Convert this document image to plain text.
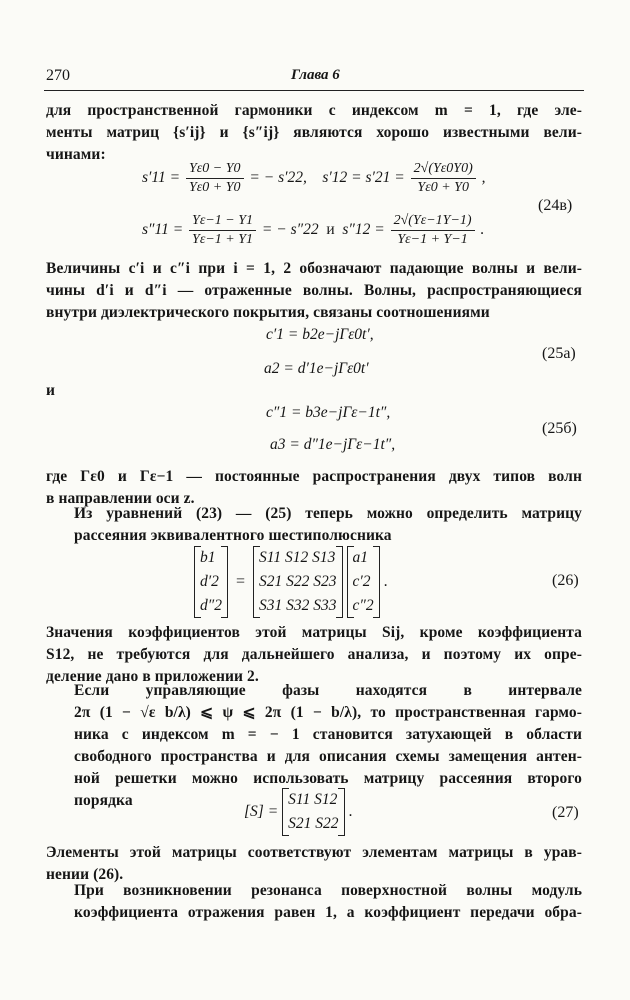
270	Глава 6
для пространственной гармоники с индексом m = 1, где эле-
менты матриц {s′ij} и {s″ij} являются хорошо известными вели-
чинами:
$s'11 = \frac{Y\varepsilon 0 - Y0}{Y\varepsilon 0 + Y0}$ = − s′22, $s'12 = s'21 = \frac{2√(Y\varepsilon 0Y0)}{Y\varepsilon 0 + Y0}$ ,
$s''11 = \frac{Y\varepsilon-1 - Y1}{Y\varepsilon-1 + Y1}$ = − s″22 и $s''12 = \frac{2√(Y\varepsilon-1Y-1)}{Y\varepsilon-1 + Y-1}$ .
(24в)
Величины c′i и c″i при i = 1, 2 обозначают падающие волны и вели-
чины d′i и d″i — отраженные волны. Волны, распространяющиеся
внутри диэлектрического покрытия, связаны соотношениями
c′1 = b2e−jΓε0t′,
a2 = d′1e−jΓε0t′
(25a)
и
c″1 = b3e−jΓε−1t″,
a3 = d″1e−jΓε−1t″,
(25б)
где Γε0 и Γε−1 — постоянные распространения двух типов волн
в направлении оси z.
Из уравнений (23) — (25) теперь можно определить матрицу
рассеяния эквивалентного шестиполюсника
b1
d′2
d″2
=
S11 S12 S13
S21 S22 S23
S31 S32 S33

a1
c′2
c″2
.	(26)
Значения коэффициентов этой матрицы Sij, кроме коэффициента
S12, не требуются для дальнейшего анализа, и поэтому их опре-
деление дано в приложении 2.
Если управляющие фазы находятся в интервале
2π (1 − √ε b/λ) ⩽ ψ ⩽ 2π (1 − b/λ), то пространственная гармо-
ника с индексом m = − 1 становится затухающей в области
свободного пространства и для описания схемы замещения антен-
ной решетки можно использовать матрицу рассеяния второго
порядка
[S] =
S11 S12
S21 S22
.	(27)
Элементы этой матрицы соответствуют элементам матрицы в урав-
нении (26).
При возникновении резонанса поверхностной волны модуль
коэффициента отражения равен 1, а коэффициент передачи обра-
